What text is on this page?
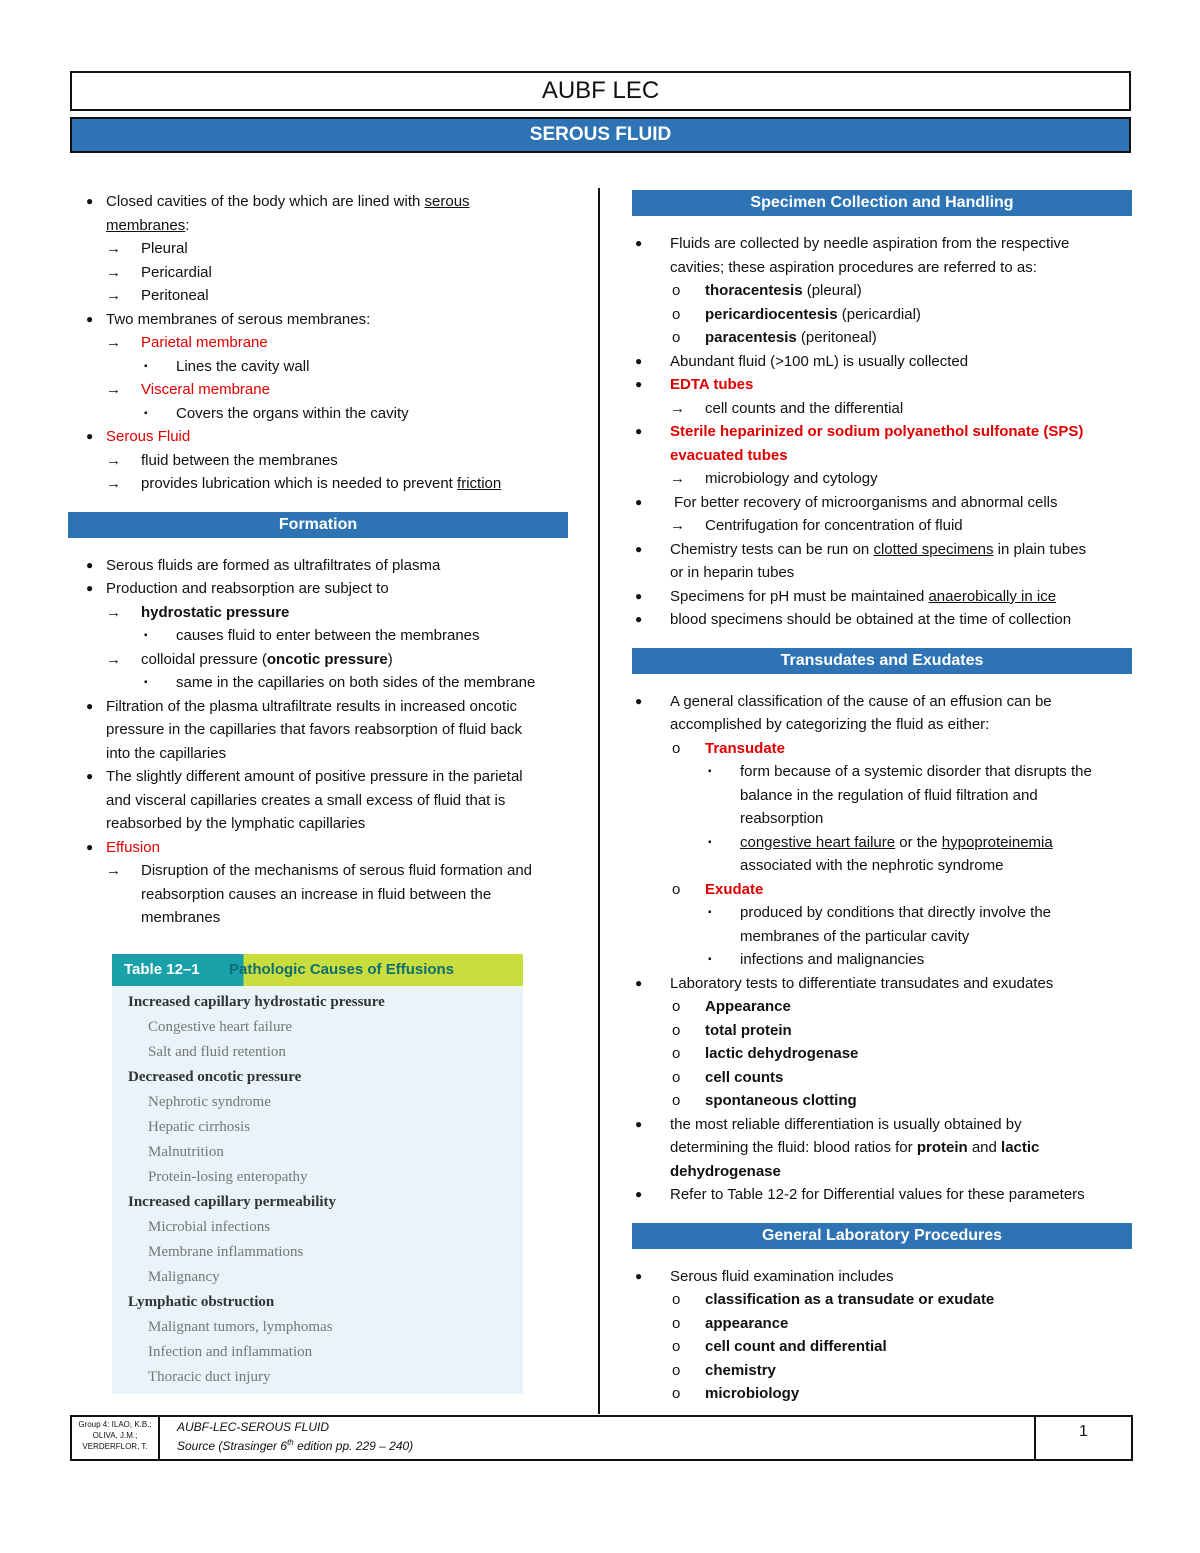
AUBF LEC
SEROUS FLUID
● Closed cavities of the body which are lined with serous
membranes:
→ Pleural
→ Pericardial
→ Peritoneal
● Two membranes of serous membranes:
→ Parietal membrane
▪ Lines the cavity wall
→ Visceral membrane
▪ Covers the organs within the cavity
● Serous Fluid
→ fluid between the membranes
→ provides lubrication which is needed to prevent friction
Formation
● Serous fluids are formed as ultrafiltrates of plasma
● Production and reabsorption are subject to
→ hydrostatic pressure
▪ causes fluid to enter between the membranes
→ colloidal pressure (oncotic pressure)
▪ same in the capillaries on both sides of the membrane
● Filtration of the plasma ultrafiltrate results in increased oncotic
pressure in the capillaries that favors reabsorption of fluid back
into the capillaries
● The slightly different amount of positive pressure in the parietal
and visceral capillaries creates a small excess of fluid that is
reabsorbed by the lymphatic capillaries
● Effusion
→ Disruption of the mechanisms of serous fluid formation and
reabsorption causes an increase in fluid between the
membranes
Table 12–1 Pathologic Causes of Effusions
Increased capillary hydrostatic pressure
Congestive heart failure
Salt and fluid retention
Decreased oncotic pressure
Nephrotic syndrome
Hepatic cirrhosis
Malnutrition
Protein-losing enteropathy
Increased capillary permeability
Microbial infections
Membrane inflammations
Malignancy
Lymphatic obstruction
Malignant tumors, lymphomas
Infection and inflammation
Thoracic duct injury
Specimen Collection and Handling
● Fluids are collected by needle aspiration from the respective
cavities; these aspiration procedures are referred to as:
o thoracentesis (pleural)
o pericardiocentesis (pericardial)
o paracentesis (peritoneal)
● Abundant fluid (>100 mL) is usually collected
● EDTA tubes
→ cell counts and the differential
● Sterile heparinized or sodium polyanethol sulfonate (SPS)
evacuated tubes
→ microbiology and cytology
● For better recovery of microorganisms and abnormal cells
→ Centrifugation for concentration of fluid
● Chemistry tests can be run on clotted specimens in plain tubes
or in heparin tubes
● Specimens for pH must be maintained anaerobically in ice
● blood specimens should be obtained at the time of collection
Transudates and Exudates
● A general classification of the cause of an effusion can be
accomplished by categorizing the fluid as either:
o Transudate
▪ form because of a systemic disorder that disrupts the
balance in the regulation of fluid filtration and
reabsorption
▪ congestive heart failure or the hypoproteinemia
associated with the nephrotic syndrome
o Exudate
▪ produced by conditions that directly involve the
membranes of the particular cavity
▪ infections and malignancies
● Laboratory tests to differentiate transudates and exudates
o Appearance
o total protein
o lactic dehydrogenase
o cell counts
o spontaneous clotting
● the most reliable differentiation is usually obtained by
determining the fluid: blood ratios for protein and lactic
dehydrogenase
● Refer to Table 12-2 for Differential values for these parameters
General Laboratory Procedures
● Serous fluid examination includes
o classification as a transudate or exudate
o appearance
o cell count and differential
o chemistry
o microbiology
Group 4: ILAO, K.B.; OLIVA, J.M.; VERDERFLOR, T.
AUBF-LEC-SEROUS FLUID
Source (Strasinger 6th edition pp. 229 – 240)
1
